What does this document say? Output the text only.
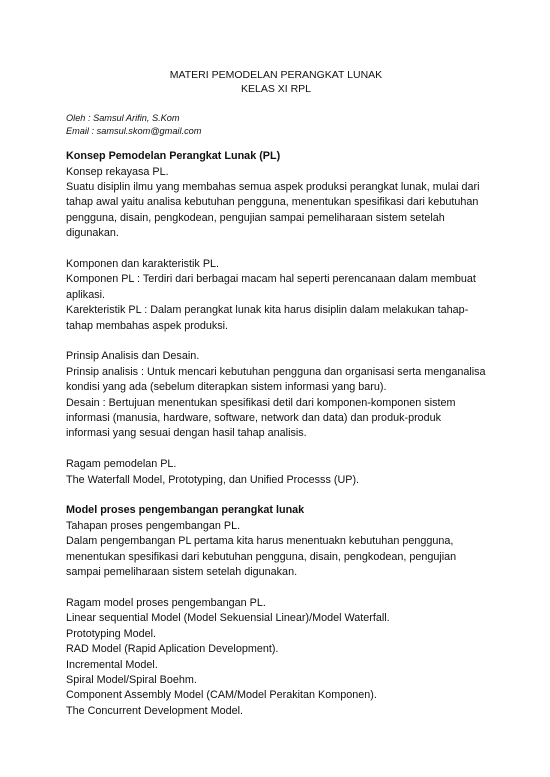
MATERI PEMODELAN PERANGKAT LUNAK
KELAS XI RPL
Oleh : Samsul Arifin, S.Kom
Email : samsul.skom@gmail.com
Konsep Pemodelan Perangkat Lunak (PL)

Konsep rekayasa PL.

Suatu disiplin ilmu yang membahas semua aspek produksi perangkat lunak, mulai dari tahap awal yaitu analisa kebutuhan pengguna, menentukan spesifikasi dari kebutuhan pengguna, disain, pengkodean, pengujian sampai pemeliharaan sistem setelah digunakan.

Komponen dan karakteristik PL.

Komponen PL : Terdiri dari berbagai macam hal seperti perencanaan dalam membuat aplikasi.

Karekteristik PL : Dalam perangkat lunak kita harus disiplin dalam melakukan tahap-tahap membahas aspek produksi.

Prinsip Analisis dan Desain.

Prinsip analisis : Untuk mencari kebutuhan pengguna dan organisasi serta menganalisa kondisi yang ada (sebelum diterapkan sistem informasi yang baru).

Desain : Bertujuan menentukan spesifikasi detil dari komponen-komponen sistem informasi (manusia, hardware, software, network dan data) dan produk-produk informasi yang sesuai dengan hasil tahap analisis.

Ragam pemodelan PL.

The Waterfall Model, Prototyping, dan Unified Processs (UP).

Model proses pengembangan perangkat lunak

Tahapan proses pengembangan PL.

Dalam pengembangan PL pertama kita harus menentuakn kebutuhan pengguna, menentukan spesifikasi dari kebutuhan pengguna, disain, pengkodean, pengujian sampai pemeliharaan sistem setelah digunakan.

Ragam model proses pengembangan PL.

Linear sequential Model (Model Sekuensial Linear)/Model Waterfall.

Prototyping Model.

RAD Model (Rapid Aplication Development).

Incremental Model.

Spiral Model/Spiral Boehm.

Component Assembly Model (CAM/Model Perakitan Komponen).

The Concurrent Development Model.
